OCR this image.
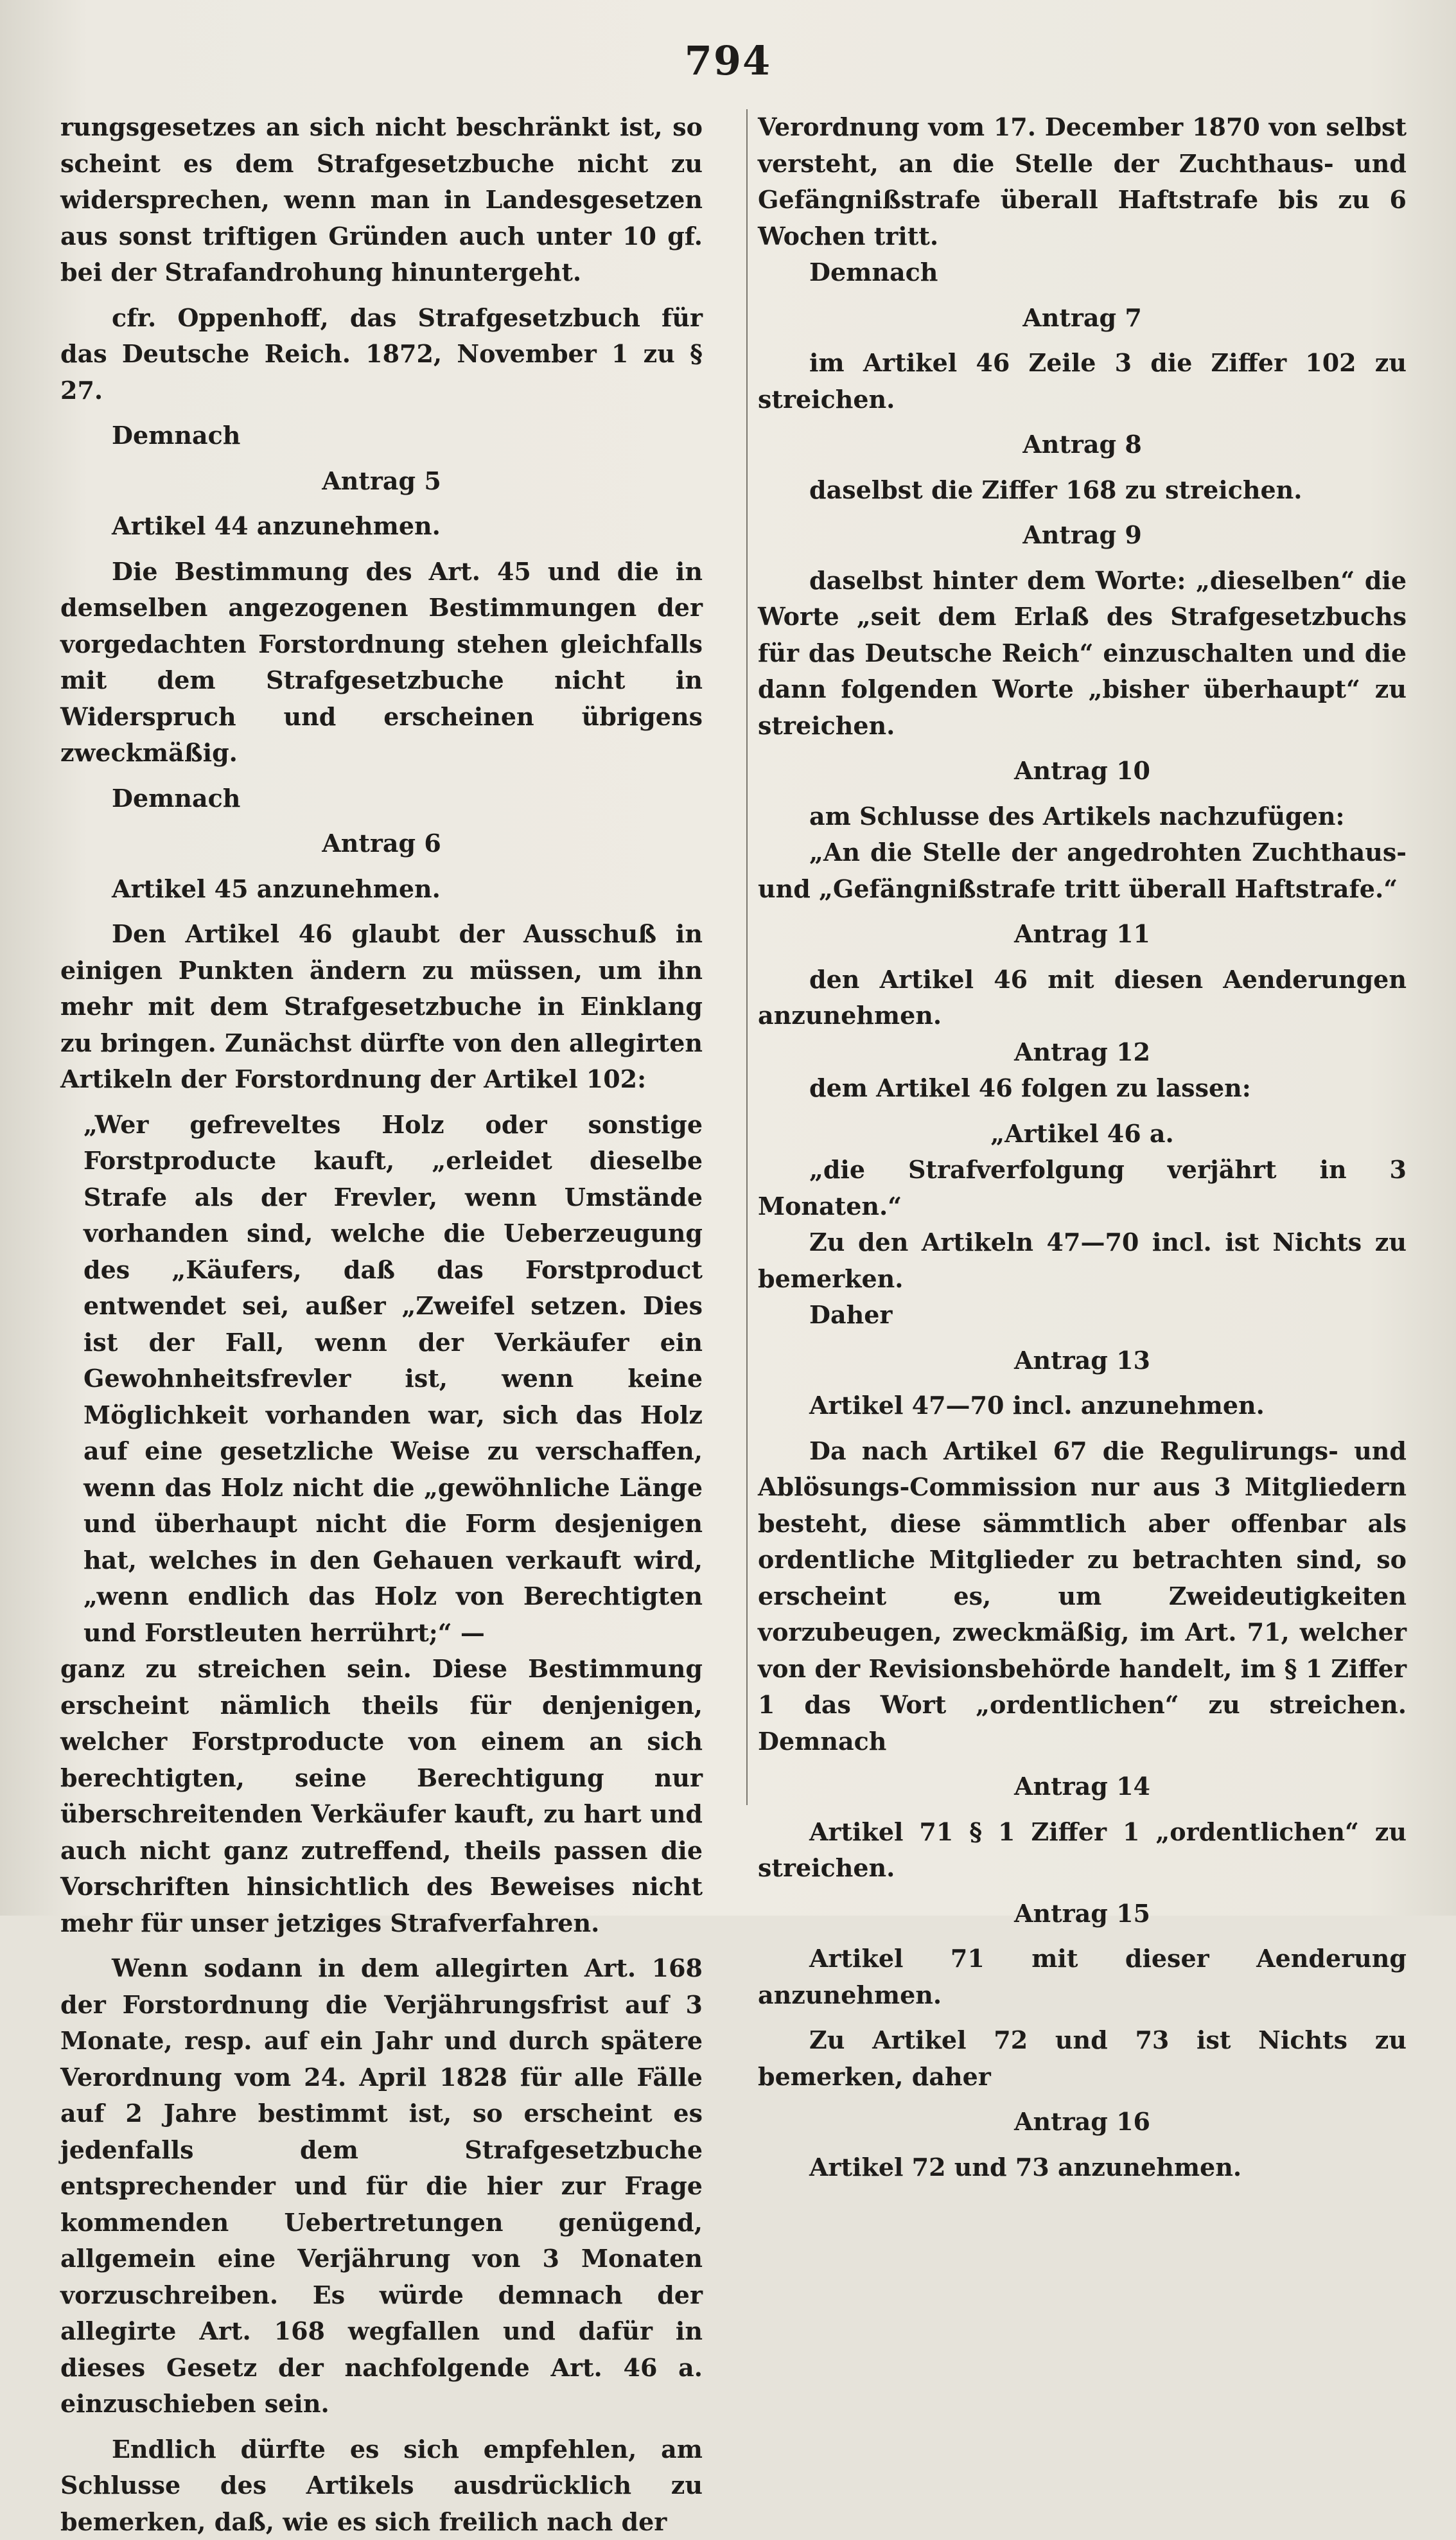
794

rungsgesetzes an sich nicht beschränkt ist, so scheint es dem Strafgesetzbuche nicht zu widersprechen, wenn man in Landesgesetzen aus sonst triftigen Gründen auch unter 10 gf. bei der Strafandrohung hinuntergeht.

cfr. Oppenhoff, das Strafgesetzbuch für das Deutsche Reich. 1872, November 1 zu § 27.

Demnach

Antrag 5

Artikel 44 anzunehmen.

Die Bestimmung des Art. 45 und die in demselben angezogenen Bestimmungen der vorgedachten Forstordnung stehen gleichfalls mit dem Strafgesetzbuche nicht in Widerspruch und erscheinen übrigens zweckmäßig.

Demnach

Antrag 6

Artikel 45 anzunehmen.

Den Artikel 46 glaubt der Ausschuß in einigen Punkten ändern zu müssen, um ihn mehr mit dem Strafgesetzbuche in Einklang zu bringen. Zunächst dürfte von den allegirten Artikeln der Forstordnung der Artikel 102:

„Wer gefreveltes Holz oder sonstige Forstproducte kauft, „erleidet dieselbe Strafe als der Frevler, wenn Umstände vorhanden sind, welche die Ueberzeugung des „Käufers, daß das Forstproduct entwendet sei, außer „Zweifel setzen. Dies ist der Fall, wenn der Verkäufer ein Gewohnheitsfrevler ist, wenn keine Möglichkeit vorhanden war, sich das Holz auf eine gesetzliche Weise zu verschaffen, wenn das Holz nicht die „gewöhnliche Länge und überhaupt nicht die Form desjenigen hat, welches in den Gehauen verkauft wird, „wenn endlich das Holz von Berechtigten und Forstleuten herrührt;“ —

ganz zu streichen sein. Diese Bestimmung erscheint nämlich theils für denjenigen, welcher Forstproducte von einem an sich berechtigten, seine Berechtigung nur überschreitenden Verkäufer kauft, zu hart und auch nicht ganz zutreffend, theils passen die Vorschriften hinsichtlich des Beweises nicht mehr für unser jetziges Strafverfahren.

Wenn sodann in dem allegirten Art. 168 der Forstordnung die Verjährungsfrist auf 3 Monate, resp. auf ein Jahr und durch spätere Verordnung vom 24. April 1828 für alle Fälle auf 2 Jahre bestimmt ist, so erscheint es jedenfalls dem Strafgesetzbuche entsprechender und für die hier zur Frage kommenden Uebertretungen genügend, allgemein eine Verjährung von 3 Monaten vorzuschreiben. Es würde demnach der allegirte Art. 168 wegfallen und dafür in dieses Gesetz der nachfolgende Art. 46 a. einzuschieben sein.

Endlich dürfte es sich empfehlen, am Schlusse des Artikels ausdrücklich zu bemerken, daß, wie es sich freilich nach der

Verordnung vom 17. December 1870 von selbst versteht, an die Stelle der Zuchthaus- und Gefängnißstrafe überall Haftstrafe bis zu 6 Wochen tritt.

Demnach

Antrag 7

im Artikel 46 Zeile 3 die Ziffer 102 zu streichen.

Antrag 8

daselbst die Ziffer 168 zu streichen.

Antrag 9

daselbst hinter dem Worte: „dieselben“ die Worte „seit dem Erlaß des Strafgesetzbuchs für das Deutsche Reich“ einzuschalten und die dann folgenden Worte „bisher überhaupt“ zu streichen.

Antrag 10

am Schlusse des Artikels nachzufügen:

„An die Stelle der angedrohten Zuchthaus- und „Gefängnißstrafe tritt überall Haftstrafe.“

Antrag 11

den Artikel 46 mit diesen Aenderungen anzunehmen.

Antrag 12

dem Artikel 46 folgen zu lassen:

„Artikel 46 a.

„die Strafverfolgung verjährt in 3 Monaten.“

Zu den Artikeln 47—70 incl. ist Nichts zu bemerken.

Daher

Antrag 13

Artikel 47—70 incl. anzunehmen.

Da nach Artikel 67 die Regulirungs- und Ablösungs-Commission nur aus 3 Mitgliedern besteht, diese sämmtlich aber offenbar als ordentliche Mitglieder zu betrachten sind, so erscheint es, um Zweideutigkeiten vorzubeugen, zweckmäßig, im Art. 71, welcher von der Revisionsbehörde handelt, im § 1 Ziffer 1 das Wort „ordentlichen“ zu streichen. Demnach

Antrag 14

Artikel 71 § 1 Ziffer 1 „ordentlichen“ zu streichen.

Antrag 15

Artikel 71 mit dieser Aenderung anzunehmen.

Zu Artikel 72 und 73 ist Nichts zu bemerken, daher

Antrag 16

Artikel 72 und 73 anzunehmen.
